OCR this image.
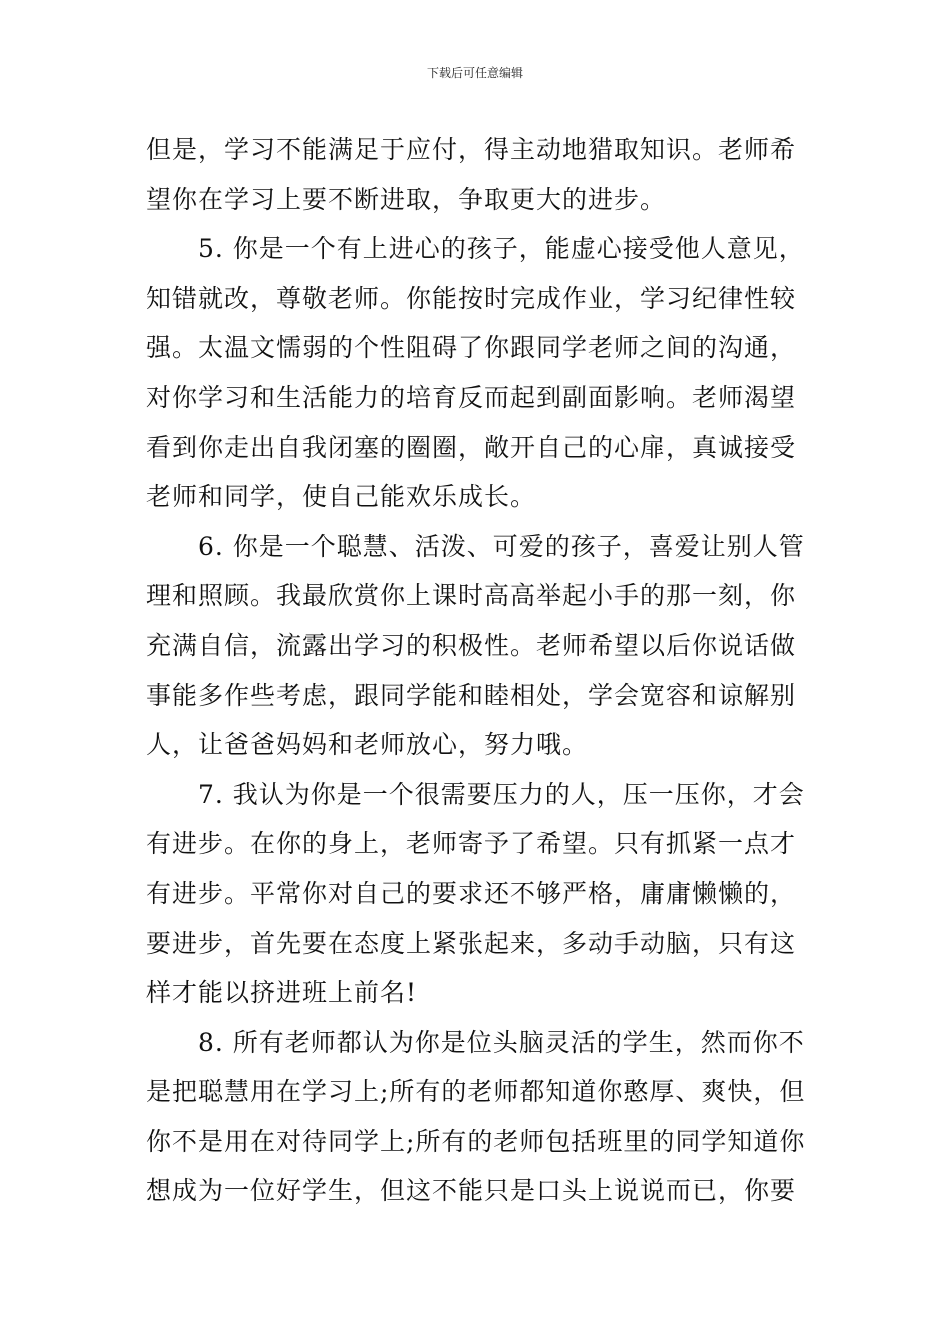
下载后可任意编辑
但是，学习不能满足于应付，得主动地猎取知识。老师希
望你在学习上要不断进取，争取更大的进步。
5. 你是一个有上进心的孩子，能虚心接受他人意见，
知错就改，尊敬老师。你能按时完成作业，学习纪律性较
强。太温文懦弱的个性阻碍了你跟同学老师之间的沟通，
对你学习和生活能力的培育反而起到副面影响。老师渴望
看到你走出自我闭塞的圈圈，敞开自己的心扉，真诚接受
老师和同学，使自己能欢乐成长。
6. 你是一个聪慧、活泼、可爱的孩子，喜爱让别人管
理和照顾。我最欣赏你上课时高高举起小手的那一刻，你
充满自信，流露出学习的积极性。老师希望以后你说话做
事能多作些考虑，跟同学能和睦相处，学会宽容和谅解别
人，让爸爸妈妈和老师放心，努力哦。
7. 我认为你是一个很需要压力的人，压一压你，才会
有进步。在你的身上，老师寄予了希望。只有抓紧一点才
有进步。平常你对自己的要求还不够严格，庸庸懒懒的，
要进步，首先要在态度上紧张起来，多动手动脑，只有这
样才能以挤进班上前名!
8. 所有老师都认为你是位头脑灵活的学生，然而你不
是把聪慧用在学习上;所有的老师都知道你憨厚、爽快，但
你不是用在对待同学上;所有的老师包括班里的同学知道你
想成为一位好学生，但这不能只是口头上说说而已，你要
